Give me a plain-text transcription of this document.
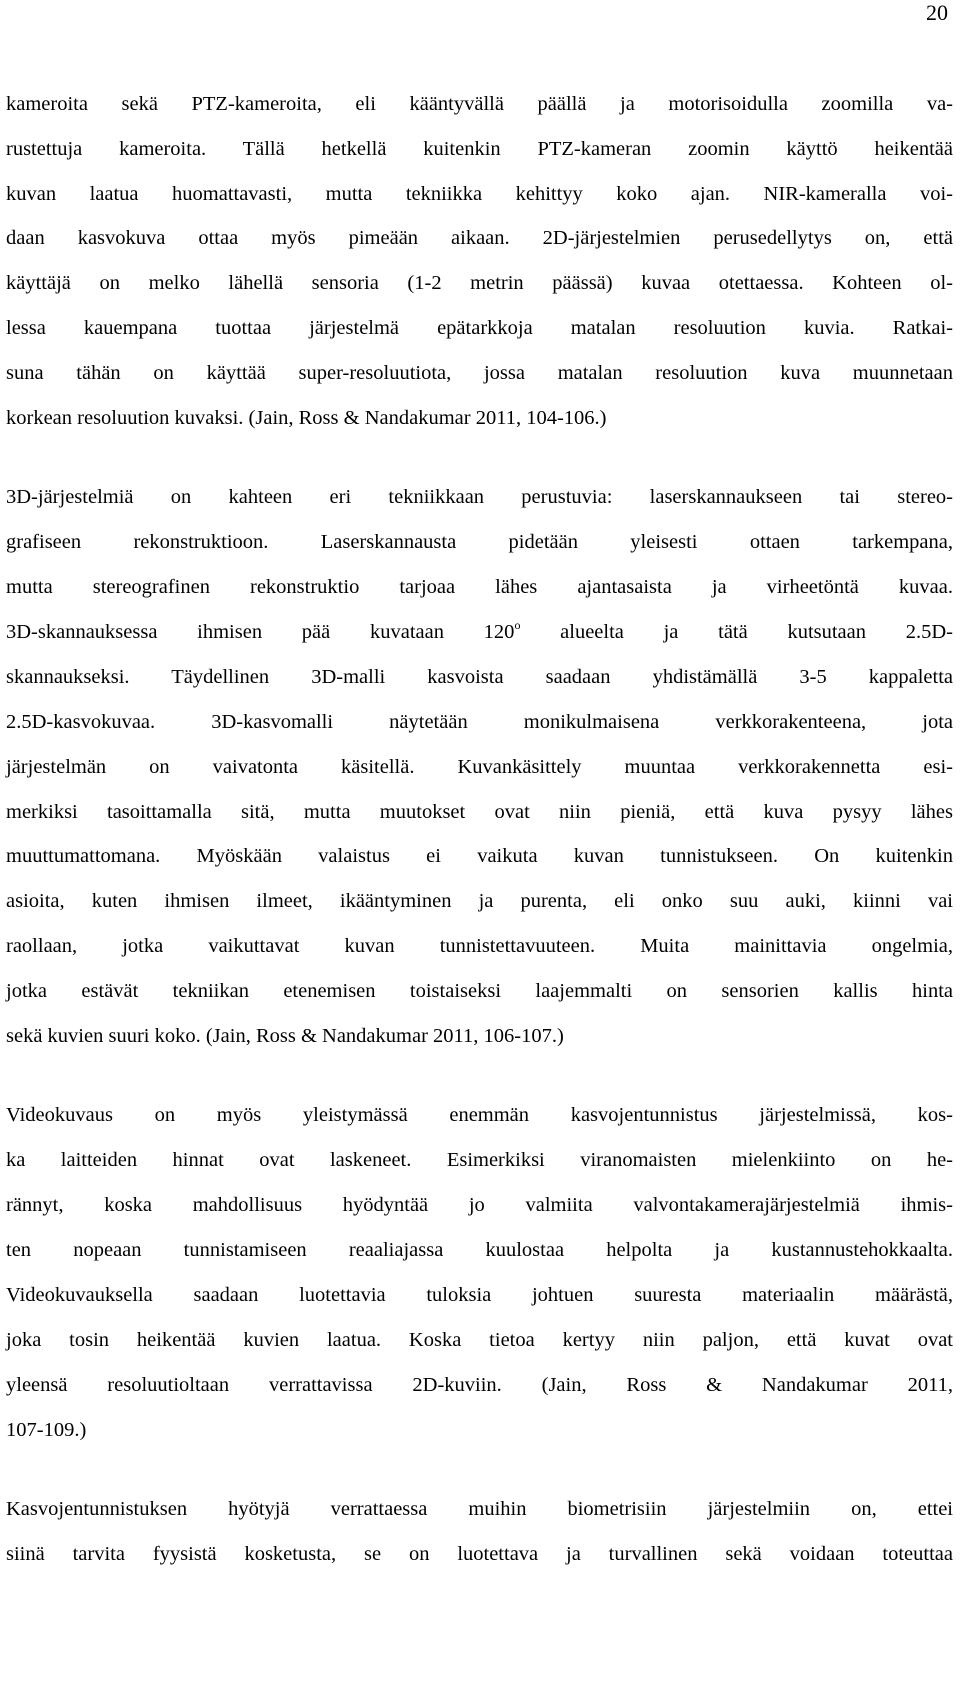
20
kameroita sekä PTZ-kameroita, eli kääntyvällä päällä ja motorisoidulla zoomilla va-
rustettuja kameroita. Tällä hetkellä kuitenkin PTZ-kameran zoomin käyttö heikentää
kuvan laatua huomattavasti, mutta tekniikka kehittyy koko ajan. NIR-kameralla voi-
daan kasvokuva ottaa myös pimeään aikaan. 2D-järjestelmien perusedellytys on, että
käyttäjä on melko lähellä sensoria (1-2 metrin päässä) kuvaa otettaessa. Kohteen ol-
lessa kauempana tuottaa järjestelmä epätarkkoja matalan resoluution kuvia. Ratkai-
suna tähän on käyttää super-resoluutiota, jossa matalan resoluution kuva muunnetaan
korkean resoluution kuvaksi. (Jain, Ross & Nandakumar 2011, 104-106.)
3D-järjestelmiä on kahteen eri tekniikkaan perustuvia: laserskannaukseen tai stereo-
grafiseen rekonstruktioon. Laserskannausta pidetään yleisesti ottaen tarkempana,
mutta stereografinen rekonstruktio tarjoaa lähes ajantasaista ja virheetöntä kuvaa.
3D-skannauksessa ihmisen pää kuvataan 120$^o$ alueelta ja tätä kutsutaan 2.5D-
skannaukseksi. Täydellinen 3D-malli kasvoista saadaan yhdistämällä 3-5 kappaletta
2.5D-kasvokuvaa. 3D-kasvomalli näytetään monikulmaisena verkkorakenteena, jota
järjestelmän on vaivatonta käsitellä. Kuvankäsittely muuntaa verkkorakennetta esi-
merkiksi tasoittamalla sitä, mutta muutokset ovat niin pieniä, että kuva pysyy lähes
muuttumattomana. Myöskään valaistus ei vaikuta kuvan tunnistukseen. On kuitenkin
asioita, kuten ihmisen ilmeet, ikääntyminen ja purenta, eli onko suu auki, kiinni vai
raollaan, jotka vaikuttavat kuvan tunnistettavuuteen. Muita mainittavia ongelmia,
jotka estävät tekniikan etenemisen toistaiseksi laajemmalti on sensorien kallis hinta
sekä kuvien suuri koko. (Jain, Ross & Nandakumar 2011, 106-107.)
Videokuvaus on myös yleistymässä enemmän kasvojentunnistus järjestelmissä, kos-
ka laitteiden hinnat ovat laskeneet. Esimerkiksi viranomaisten mielenkiinto on he-
rännyt, koska mahdollisuus hyödyntää jo valmiita valvontakamerajärjestelmiä ihmis-
ten nopeaan tunnistamiseen reaaliajassa kuulostaa helpolta ja kustannustehokkaalta.
Videokuvauksella saadaan luotettavia tuloksia johtuen suuresta materiaalin määrästä,
joka tosin heikentää kuvien laatua. Koska tietoa kertyy niin paljon, että kuvat ovat
yleensä resoluutioltaan verrattavissa 2D-kuviin. (Jain, Ross & Nandakumar 2011,
107-109.)
Kasvojentunnistuksen hyötyjä verrattaessa muihin biometrisiin järjestelmiin on, ettei
siinä tarvita fyysistä kosketusta, se on luotettava ja turvallinen sekä voidaan toteuttaa
